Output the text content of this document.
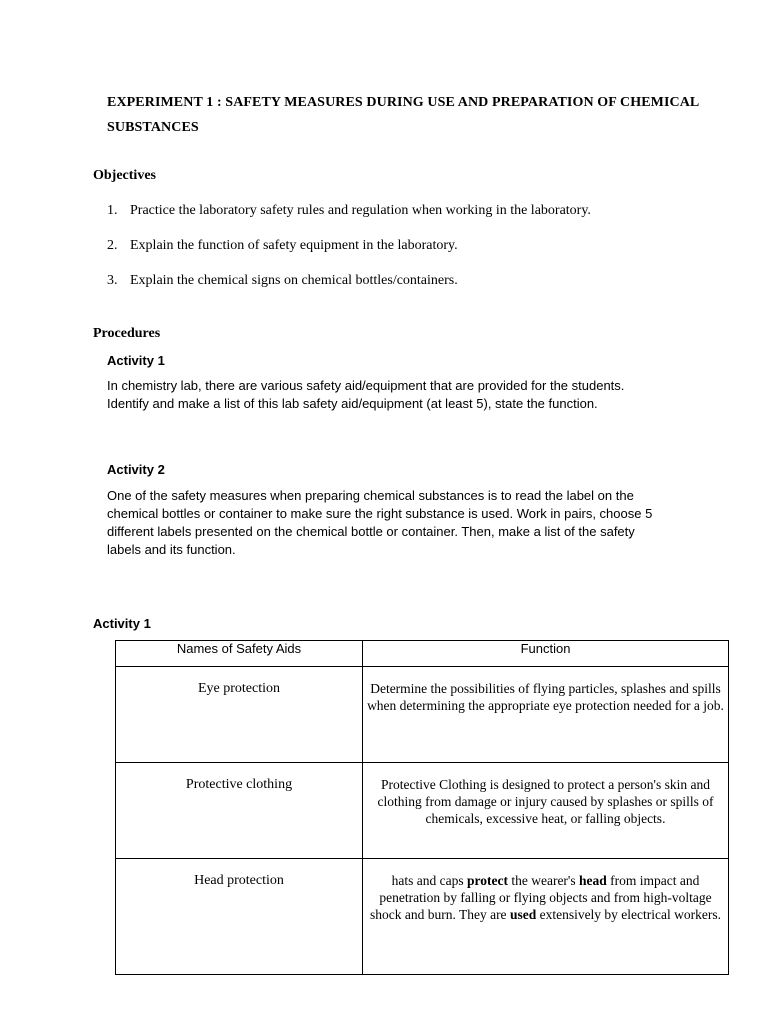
EXPERIMENT 1 : SAFETY MEASURES DURING USE AND PREPARATION OF CHEMICAL SUBSTANCES
Objectives
1. Practice the laboratory safety rules and regulation when working in the laboratory.
2. Explain the function of safety equipment in the laboratory.
3. Explain the chemical signs on chemical bottles/containers.
Procedures
Activity 1

In chemistry lab, there are various safety aid/equipment that are provided for the students. Identify and make a list of this lab safety aid/equipment (at least 5), state the function.

Activity 2

One of the safety measures when preparing chemical substances is to read the label on the chemical bottles or container to make sure the right substance is used. Work in pairs, choose 5 different labels presented on the chemical bottle or container. Then, make a list of the safety labels and its function.

Activity 1
Names of Safety Aids	Function
Eye protection	Determine the possibilities of flying particles, splashes and spills when determining the appropriate eye protection needed for a job.
Protective clothing	Protective Clothing is designed to protect a person's skin and clothing from damage or injury caused by splashes or spills of chemicals, excessive heat, or falling objects.
Head protection	hats and caps protect the wearer's head from impact and penetration by falling or flying objects and from high-voltage shock and burn. They are used extensively by electrical workers.
